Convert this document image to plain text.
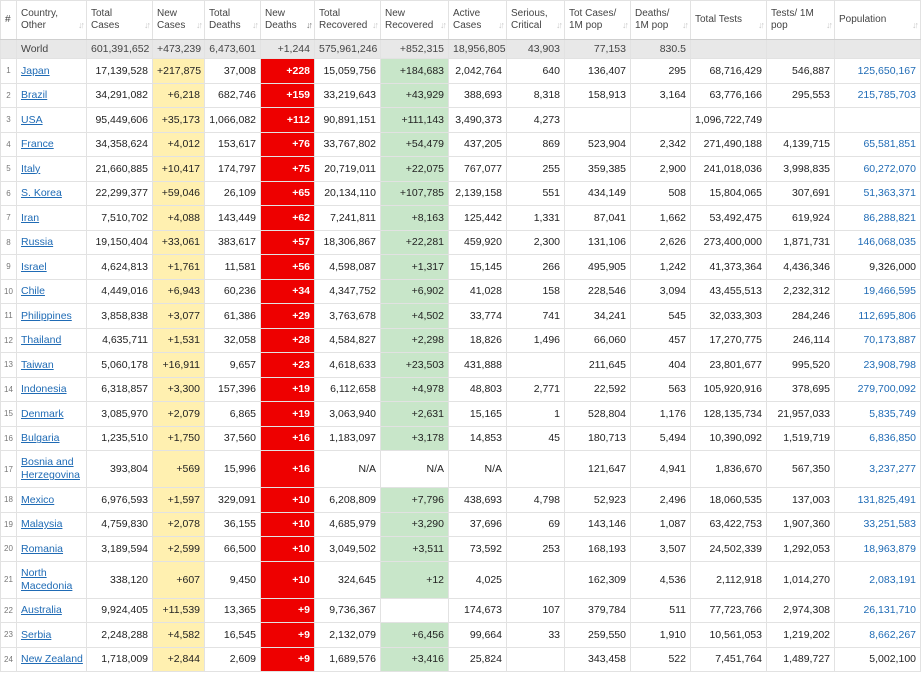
#	Country, Other ↓↑	Total Cases ↓↑	New Cases ↓↑	Total Deaths ↓↑	New Deaths ↓↑	Total Recovered ↓↑	New Recovered ↓↑	Active Cases ↓↑	Serious, Critical ↓↑	Tot Cases/ 1M pop ↓↑	Deaths/ 1M pop ↓↑	Total Tests ↓↑	Tests/ 1M pop ↓↑	Population ↓↑

	World	601,391,652	+473,239	6,473,601	+1,244	575,961,246	+852,315	18,956,805	43,903	77,153	830.5			
1	Japan	17,139,528	+217,875	37,008	+228	15,059,756	+184,683	2,042,764	640	136,407	295	68,716,429	546,887	125,650,167
2	Brazil	34,291,082	+6,218	682,746	+159	33,219,643	+43,929	388,693	8,318	158,913	3,164	63,776,166	295,553	215,785,703
3	USA	95,449,606	+35,173	1,066,082	+112	90,891,151	+111,143	3,490,373	4,273			1,096,722,749		
4	France	34,358,624	+4,012	153,617	+76	33,767,802	+54,479	437,205	869	523,904	2,342	271,490,188	4,139,715	65,581,851
5	Italy	21,660,885	+10,417	174,797	+75	20,719,011	+22,075	767,077	255	359,385	2,900	241,018,036	3,998,835	60,272,070
6	S. Korea	22,299,377	+59,046	26,109	+65	20,134,110	+107,785	2,139,158	551	434,149	508	15,804,065	307,691	51,363,371
7	Iran	7,510,702	+4,088	143,449	+62	7,241,811	+8,163	125,442	1,331	87,041	1,662	53,492,475	619,924	86,288,821
8	Russia	19,150,404	+33,061	383,617	+57	18,306,867	+22,281	459,920	2,300	131,106	2,626	273,400,000	1,871,731	146,068,035
9	Israel	4,624,813	+1,761	11,581	+56	4,598,087	+1,317	15,145	266	495,905	1,242	41,373,364	4,436,346	9,326,000
10	Chile	4,449,016	+6,943	60,236	+34	4,347,752	+6,902	41,028	158	228,546	3,094	43,455,513	2,232,312	19,466,595
11	Philippines	3,858,838	+3,077	61,386	+29	3,763,678	+4,502	33,774	741	34,241	545	32,033,303	284,246	112,695,806
12	Thailand	4,635,711	+1,531	32,058	+28	4,584,827	+2,298	18,826	1,496	66,060	457	17,270,775	246,114	70,173,887
13	Taiwan	5,060,178	+16,911	9,657	+23	4,618,633	+23,503	431,888		211,645	404	23,801,677	995,520	23,908,798
14	Indonesia	6,318,857	+3,300	157,396	+19	6,112,658	+4,978	48,803	2,771	22,592	563	105,920,916	378,695	279,700,092
15	Denmark	3,085,970	+2,079	6,865	+19	3,063,940	+2,631	15,165	1	528,804	1,176	128,135,734	21,957,033	5,835,749
16	Bulgaria	1,235,510	+1,750	37,560	+16	1,183,097	+3,178	14,853	45	180,713	5,494	10,390,092	1,519,719	6,836,850
17	Bosnia and Herzegovina	393,804	+569	15,996	+16	N/A	N/A	N/A		121,647	4,941	1,836,670	567,350	3,237,277
18	Mexico	6,976,593	+1,597	329,091	+10	6,208,809	+7,796	438,693	4,798	52,923	2,496	18,060,535	137,003	131,825,491
19	Malaysia	4,759,830	+2,078	36,155	+10	4,685,979	+3,290	37,696	69	143,146	1,087	63,422,753	1,907,360	33,251,583
20	Romania	3,189,594	+2,599	66,500	+10	3,049,502	+3,511	73,592	253	168,193	3,507	24,502,339	1,292,053	18,963,879
21	North Macedonia	338,120	+607	9,450	+10	324,645	+12	4,025		162,309	4,536	2,112,918	1,014,270	2,083,191
22	Australia	9,924,405	+11,539	13,365	+9	9,736,367		174,673	107	379,784	511	77,723,766	2,974,308	26,131,710
23	Serbia	2,248,288	+4,582	16,545	+9	2,132,079	+6,456	99,664	33	259,550	1,910	10,561,053	1,219,202	8,662,267
24	New Zealand	1,718,009	+2,844	2,609	+9	1,689,576	+3,416	25,824		343,458	522	7,451,764	1,489,727	5,002,100
